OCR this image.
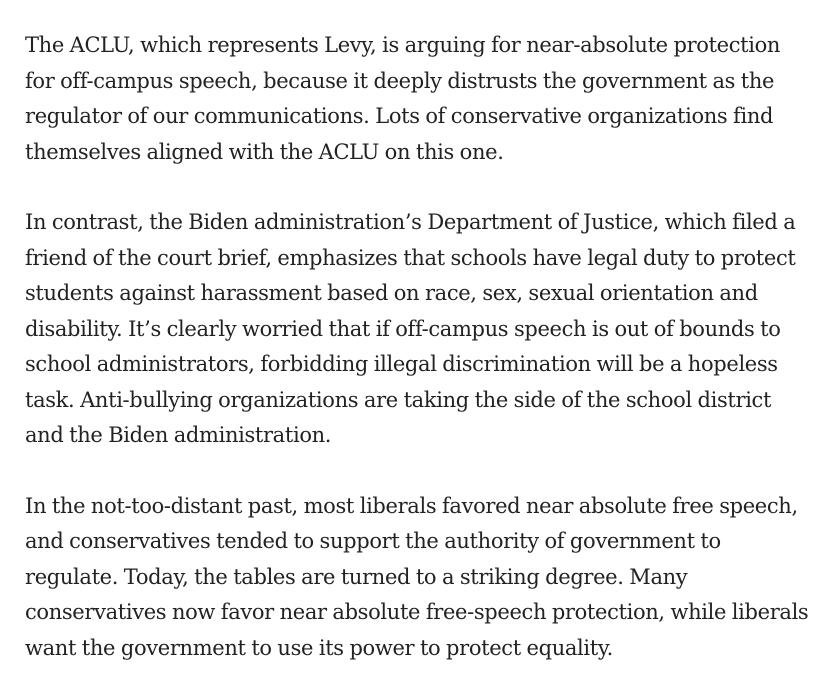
The ACLU, which represents Levy, is arguing for near-absolute protection for off-campus speech, because it deeply distrusts the government as the regulator of our communications. Lots of conservative organizations find themselves aligned with the ACLU on this one.

In contrast, the Biden administration’s Department of Justice, which filed a friend of the court brief, emphasizes that schools have legal duty to protect students against harassment based on race, sex, sexual orientation and disability. It’s clearly worried that if off-campus speech is out of bounds to school administrators, forbidding illegal discrimination will be a hopeless task. Anti-bullying organizations are taking the side of the school district and the Biden administration.

In the not-too-distant past, most liberals favored near absolute free speech, and conservatives tended to support the authority of government to regulate. Today, the tables are turned to a striking degree. Many conservatives now favor near absolute free-speech protection, while liberals want the government to use its power to protect equality.
